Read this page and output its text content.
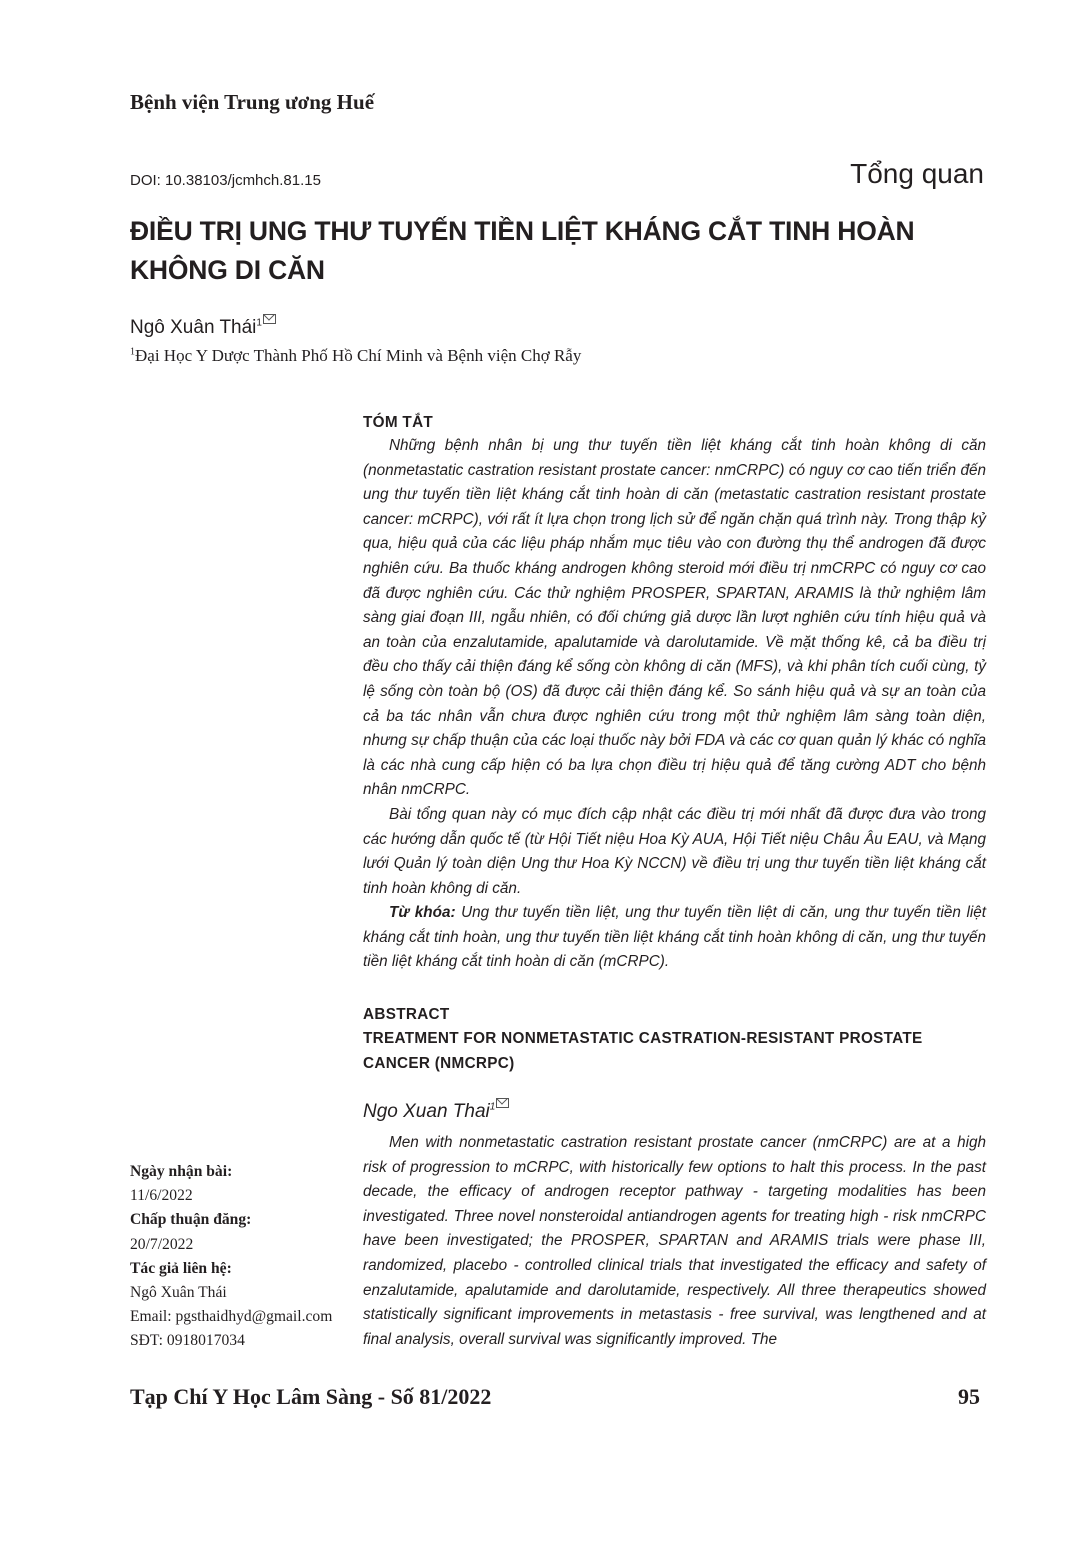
Bệnh viện Trung ương Huế
DOI: 10.38103/jcmhch.81.15	Tổng quan
ĐIỀU TRỊ UNG THƯ TUYẾN TIỀN LIỆT KHÁNG CẮT TINH HOÀN KHÔNG DI CĂN
Ngô Xuân Thái$^1$
$^1$Đại Học Y Dược Thành Phố Hồ Chí Minh và Bệnh viện Chợ Rẫy
TÓM TẮT

Những bệnh nhân bị ung thư tuyến tiền liệt kháng cắt tinh hoàn không di căn (nonmetastatic castration resistant prostate cancer: nmCRPC) có nguy cơ cao tiến triển đến ung thư tuyến tiền liệt kháng cắt tinh hoàn di căn (metastatic castration resistant prostate cancer: mCRPC), với rất ít lựa chọn trong lịch sử để ngăn chặn quá trình này. Trong thập kỷ qua, hiệu quả của các liệu pháp nhắm mục tiêu vào con đường thụ thể androgen đã được nghiên cứu. Ba thuốc kháng androgen không steroid mới điều trị nmCRPC có nguy cơ cao đã được nghiên cứu. Các thử nghiệm PROSPER, SPARTAN, ARAMIS là thử nghiệm lâm sàng giai đoạn III, ngẫu nhiên, có đối chứng giả dược lần lượt nghiên cứu tính hiệu quả và an toàn của enzalutamide, apalutamide và darolutamide. Về mặt thống kê, cả ba điều trị đều cho thấy cải thiện đáng kể sống còn không di căn (MFS), và khi phân tích cuối cùng, tỷ lệ sống còn toàn bộ (OS) đã được cải thiện đáng kể. So sánh hiệu quả và sự an toàn của cả ba tác nhân vẫn chưa được nghiên cứu trong một thử nghiệm lâm sàng toàn diện, nhưng sự chấp thuận của các loại thuốc này bởi FDA và các cơ quan quản lý khác có nghĩa là các nhà cung cấp hiện có ba lựa chọn điều trị hiệu quả để tăng cường ADT cho bệnh nhân nmCRPC.

Bài tổng quan này có mục đích cập nhật các điều trị mới nhất đã được đưa vào trong các hướng dẫn quốc tế (từ Hội Tiết niệu Hoa Kỳ AUA, Hội Tiết niệu Châu Âu EAU, và Mạng lưới Quản lý toàn diện Ung thư Hoa Kỳ NCCN) về điều trị ung thư tuyến tiền liệt kháng cắt tinh hoàn không di căn.

Từ khóa: Ung thư tuyến tiền liệt, ung thư tuyến tiền liệt di căn, ung thư tuyến tiền liệt kháng cắt tinh hoàn, ung thư tuyến tiền liệt kháng cắt tinh hoàn không di căn, ung thư tuyến tiền liệt kháng cắt tinh hoàn di căn (mCRPC).

ABSTRACT
TREATMENT FOR NONMETASTATIC CASTRATION-RESISTANT PROSTATE CANCER (NMCRPC)
Ngo Xuan Thai$^1$

Men with nonmetastatic castration resistant prostate cancer (nmCRPC) are at a high risk of progression to mCRPC, with historically few options to halt this process. In the past decade, the efficacy of androgen receptor pathway - targeting modalities has been investigated. Three novel nonsteroidal antiandrogen agents for treating high - risk nmCRPC have been investigated; the PROSPER, SPARTAN and ARAMIS trials were phase III, randomized, placebo - controlled clinical trials that investigated the efficacy and safety of enzalutamide, apalutamide and darolutamide, respectively. All three therapeutics showed statistically significant improvements in metastasis - free survival, was lengthened and at final analysis, overall survival was significantly improved. The

Ngày nhận bài:
11/6/2022
Chấp thuận đăng:
20/7/2022
Tác giả liên hệ:
Ngô Xuân Thái
Email: pgsthaidhyd@gmail.com
SĐT: 0918017034
Tạp Chí Y Học Lâm Sàng - Số 81/2022	95
